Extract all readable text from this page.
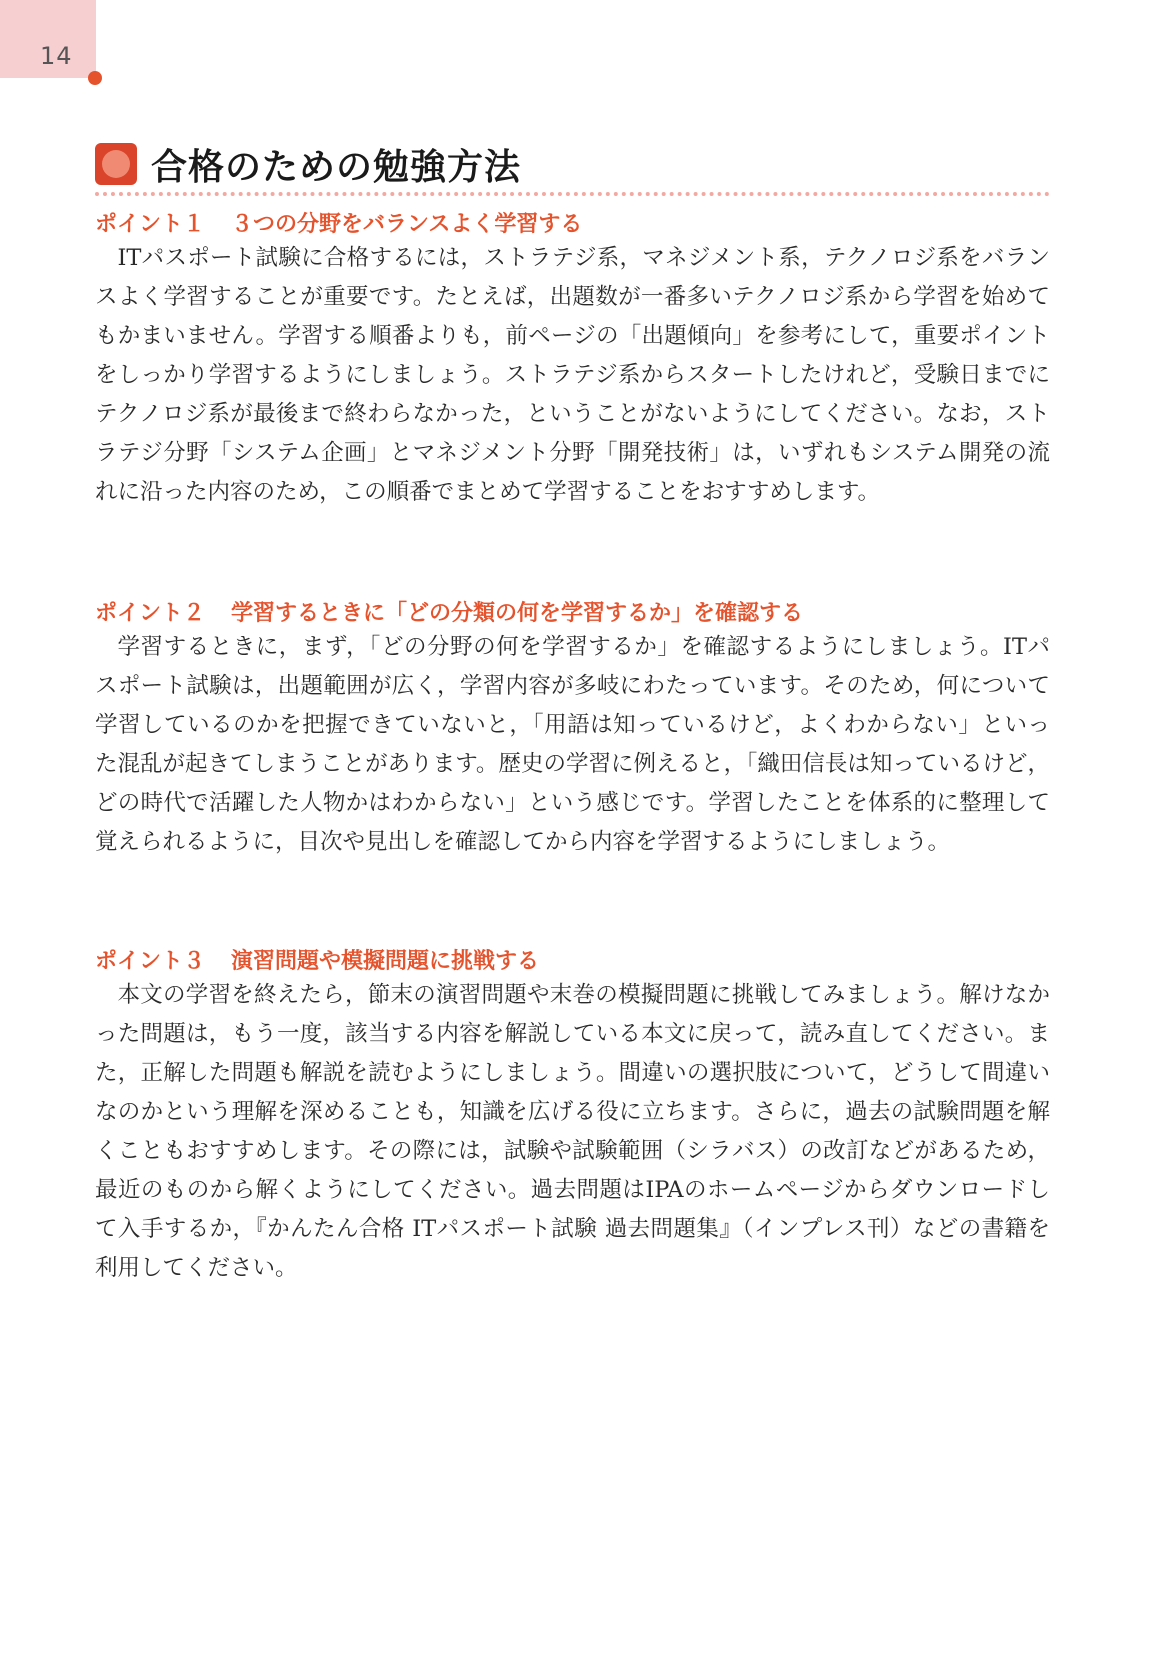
14
合格のための勉強方法
ポイント１ ３つの分野をバランスよく学習する

ITパスポート試験に合格するには，ストラテジ系，マネジメント系，テクノロジ系をバランスよく学習することが重要です。たとえば，出題数が一番多いテクノロジ系から学習を始めてもかまいません。学習する順番よりも，前ページの「出題傾向」を参考にして，重要ポイントをしっかり学習するようにしましょう。ストラテジ系からスタートしたけれど，受験日までにテクノロジ系が最後まで終わらなかった，ということがないようにしてください。なお，ストラテジ分野「システム企画」とマネジメント分野「開発技術」は，いずれもシステム開発の流れに沿った内容のため，この順番でまとめて学習することをおすすめします。

ポイント２ 学習するときに「どの分類の何を学習するか」を確認する

学習するときに，まず，「どの分野の何を学習するか」を確認するようにしましょう。ITパスポート試験は，出題範囲が広く，学習内容が多岐にわたっています。そのため，何について学習しているのかを把握できていないと，「用語は知っているけど，よくわからない」といった混乱が起きてしまうことがあります。歴史の学習に例えると，「織田信長は知っているけど，どの時代で活躍した人物かはわからない」という感じです。学習したことを体系的に整理して覚えられるように，目次や見出しを確認してから内容を学習するようにしましょう。

ポイント３ 演習問題や模擬問題に挑戦する

本文の学習を終えたら，節末の演習問題や末巻の模擬問題に挑戦してみましょう。解けなかった問題は，もう一度，該当する内容を解説している本文に戻って，読み直してください。また，正解した問題も解説を読むようにしましょう。間違いの選択肢について，どうして間違いなのかという理解を深めることも，知識を広げる役に立ちます。さらに，過去の試験問題を解くこともおすすめします。その際には，試験や試験範囲（シラバス）の改訂などがあるため，最近のものから解くようにしてください。過去問題はIPAのホームページからダウンロードして入手するか，『かんたん合格 ITパスポート試験 過去問題集』（インプレス刊）などの書籍を利用してください。
